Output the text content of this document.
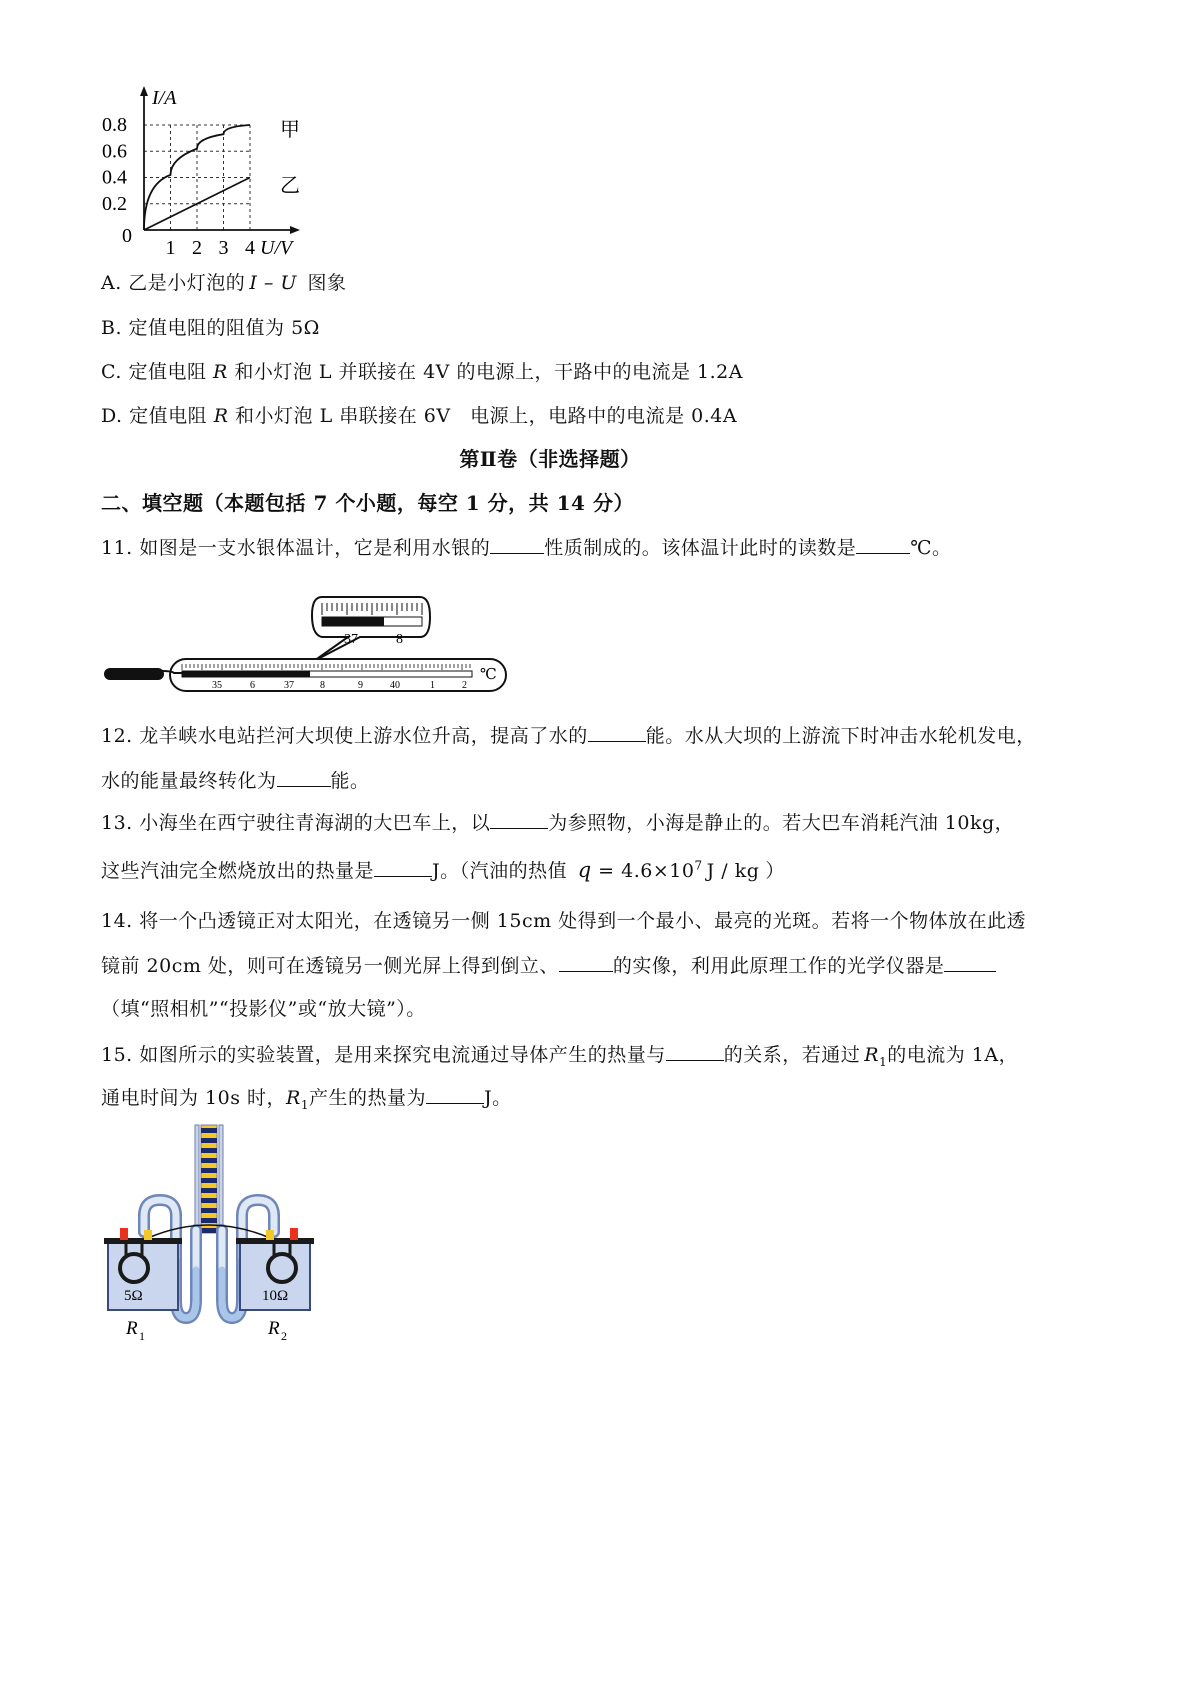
I/A
U/V
0
0.8
0.6
0.4
0.2
1 2 3 4
甲
乙
A. 乙是小灯泡的 I – U 图象
B. 定值电阻的阻值为 5Ω
C. 定值电阻 R 和小灯泡 L 并联接在 4V 的电源上，干路中的电流是 1.2A
D. 定值电阻 R 和小灯泡 L 串联接在 6V　电源上，电路中的电流是 0.4A
第Ⅱ卷（非选择题）
二、填空题（本题包括 7 个小题，每空 1 分，共 14 分）
11. 如图是一支水银体温计，它是利用水银的	性质制成的。该体温计此时的读数是	℃。
37	8
35	6	37	8	9	40	1	2
℃
12. 龙羊峡水电站拦河大坝使上游水位升高，提高了水的	能。水从大坝的上游流下时冲击水轮机发电，
水的能量最终转化为	能。
13. 小海坐在西宁驶往青海湖的大巴车上，以	为参照物，小海是静止的。若大巴车消耗汽油 10kg，
这些汽油完全燃烧放出的热量是	J。（汽油的热值 $q = 4.6\times 10^7$ J / kg ）
14. 将一个凸透镜正对太阳光，在透镜另一侧 15cm 处得到一个最小、最亮的光斑。若将一个物体放在此透
镜前 20cm 处，则可在透镜另一侧光屏上得到倒立、	的实像，利用此原理工作的光学仪器是
（填“照相机”“投影仪”或“放大镜”）。
15. 如图所示的实验装置，是用来探究电流通过导体产生的热量与	的关系，若通过 $R_1$的电流为 1A，
通电时间为 10s 时，$R_1$产生的热量为	J。
5Ω	10Ω
R 1	R 2
